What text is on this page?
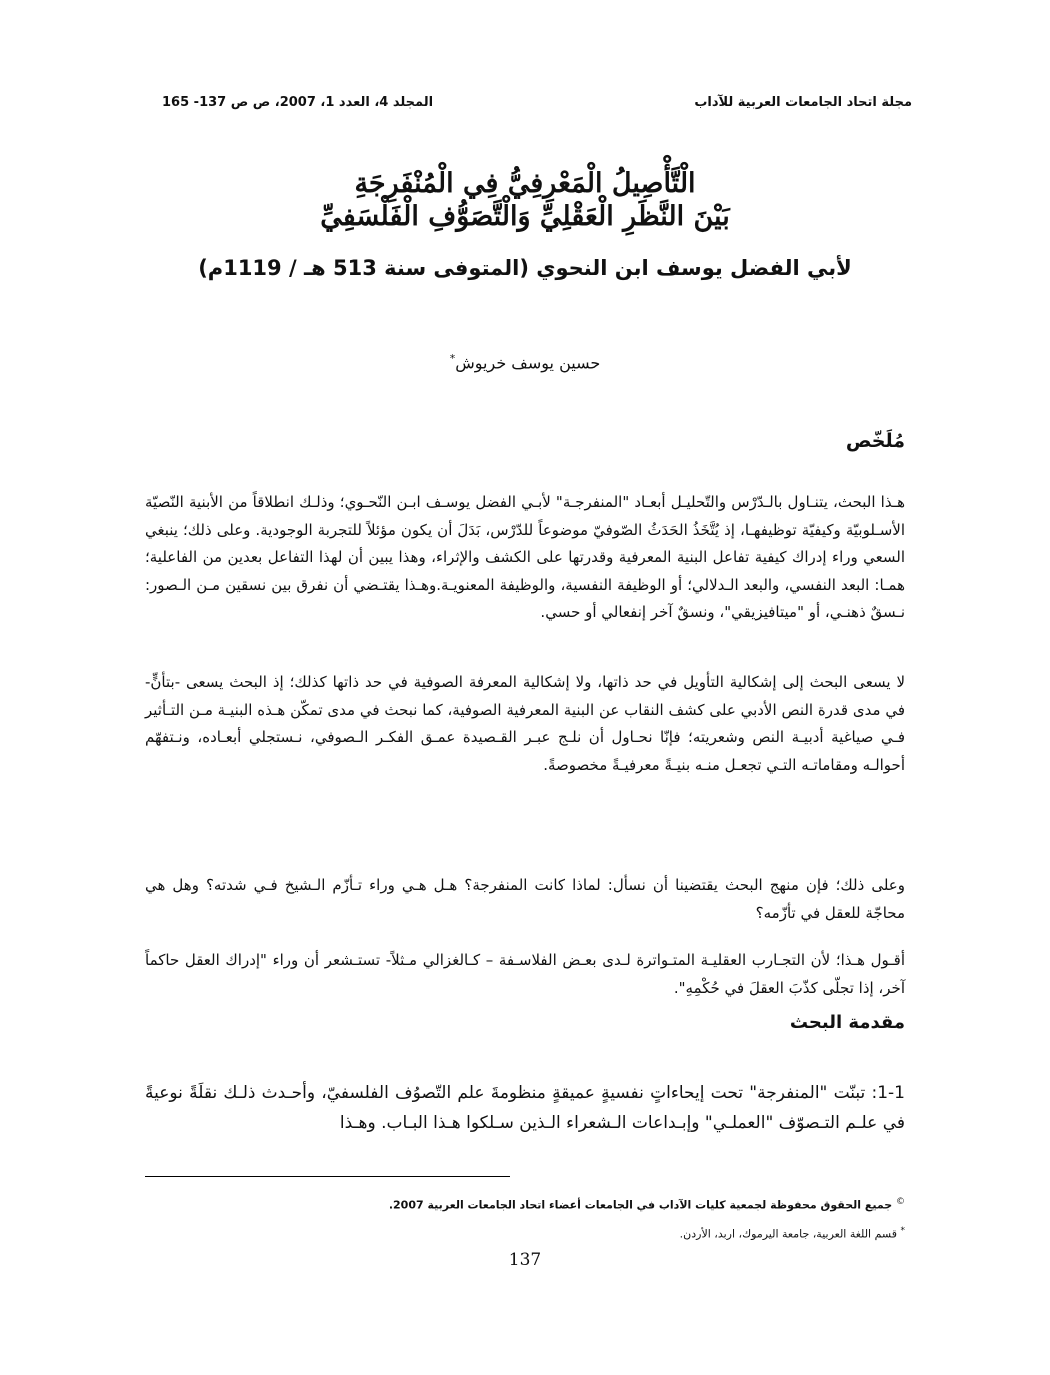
مجلة اتحاد الجامعات العربية للآداب
المجلد 4، العدد 1، 2007، ص ص 137- 165
الْتَّأْصِيلُ الْمَعْرِفِيُّ فِي الْمُنْفَرِجَةِ
بَيْنَ النَّظَرِ الْعَقْلِيِّ وَالْتَّصَوُّفِ الْفَلْسَفِيِّ
لأبي الفضل يوسف ابن النحوي (المتوفى سنة 513 هـ / 1119م)
حسين يوسف خريوش*
مُلَخّص

هـذا البحث، يتنـاول بالـدّرْس والتّحليـل أبعـاد "المنفرجـة" لأبـي الفضل يوسـف ابـن النّحـوي؛ وذلـك انطلاقاً من الأبنية النّصيّة الأسـلوبيّة وكيفيّة توظيفهـا، إذ يُتَّخَذُ الحَدَثُ الصّوفيّ موضوعاً للدّرْس، بَدَلَ أن يكون مؤئلاً للتجربة الوجودية. وعلى ذلك؛ ينبغي السعي وراء إدراك كيفية تفاعل البنية المعرفية وقدرتها على الكشف والإثراء، وهذا يبين أن لهذا التفاعل بعدين من الفاعلية؛ همـا: البعد النفسي، والبعد الـدلالي؛ أو الوظيفة النفسية، والوظيفة المعنويـة.وهـذا يقتـضي أن نفرق بين نسقين مـن الـصور: نـسقٌ ذهنـي، أو "ميتافيزيقي"، ونسقٌ آخر إنفعالي أو حسي.

لا يسعى البحث إلى إشكالية التأويل في حد ذاتها، ولا إشكالية المعرفة الصوفية في حد ذاتها كذلك؛ إذ البحث يسعى -بتأنٍّ- في مدى قدرة النص الأدبي على كشف النقاب عن البنية المعرفية الصوفية، كما نبحث في مدى تمكّن هـذه البنيـة مـن التـأثير فـي صياغية أدبيـة النص وشعريته؛ فإنّا نحـاول أن نلـج عبـر القـصيدة عمـق الفكـر الـصوفي، نـستجلي أبعـاده، ونـتفهّم أحوالـه ومقاماتـه التـي تجعـل منـه بنيـةً معرفيـةً مخصوصةً.

وعلى ذلك؛ فإن منهج البحث يقتضينا أن نسأل: لماذا كانت المنفرجة؟ هـل هـي وراء تـأزّم الـشيخ فـي شدته؟ وهل هي محاجّة للعقل في تأزّمه؟

أقـول هـذا؛ لأن التجـارب العقليـة المتـواترة لـدى بعـض الفلاسـفة – كـالغزالي مـثلاً- تستـشعر أن وراء "إدراك العقل حاكماً آخر، إذا تجلّى كذّبَ العقلَ في حُكْمِهِ".

مقدمة البحث

1-1: تبنّت "المنفرجة" تحت إيحاءاتٍ نفسيةٍ عميقةٍ منظومةَ علم التّصوُف الفلسفيّ، وأحـدث ذلـك نقلَةً نوعيةً في علـم التـصوّف "العملـي" وإبـداعات الـشعراء الـذين سـلكوا هـذا البـاب. وهـذا

© جميع الحقوق محفوظة لجمعية كليات الآداب في الجامعات أعضاء اتحاد الجامعات العربية 2007.
* قسم اللغة العربية، جامعة اليرموك، اربد، الأردن.
137
